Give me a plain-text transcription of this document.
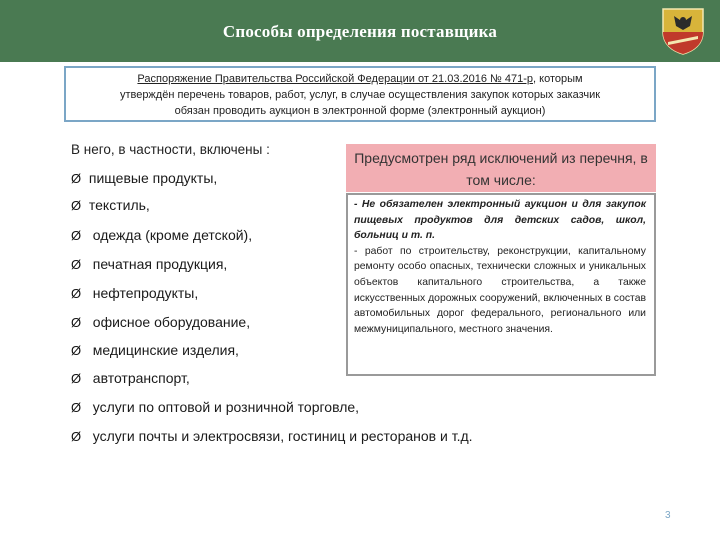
Способы определения поставщика
Распоряжение Правительства Российской Федерации от 21.03.2016 № 471-р, которым
утверждён перечень товаров, работ, услуг, в случае осуществления закупок которых заказчик
обязан проводить аукцион в электронной форме (электронный аукцион)
В него, в частности, включены :
Ø пищевые продукты,
Ø текстиль,
Ø одежда (кроме детской),
Ø печатная продукция,
Ø нефтепродукты,
Ø офисное оборудование,
Ø медицинские изделия,
Ø автотранспорт,
Ø услуги по оптовой и розничной торговле,
Ø услуги почты и электросвязи, гостиниц и ресторанов и т.д.
Предусмотрен ряд исключений из перечня, в том числе:

- Не обязателен электронный аукцион и для закупок пищевых продуктов для детских садов, школ, больниц и т. п.

- работ по строительству, реконструкции, капитальному ремонту особо опасных, технически сложных и уникальных объектов капитального строительства, а также искусственных дорожных сооружений, включенных в состав автомобильных дорог федерального, регионального или межмуниципального, местного значения.

3
